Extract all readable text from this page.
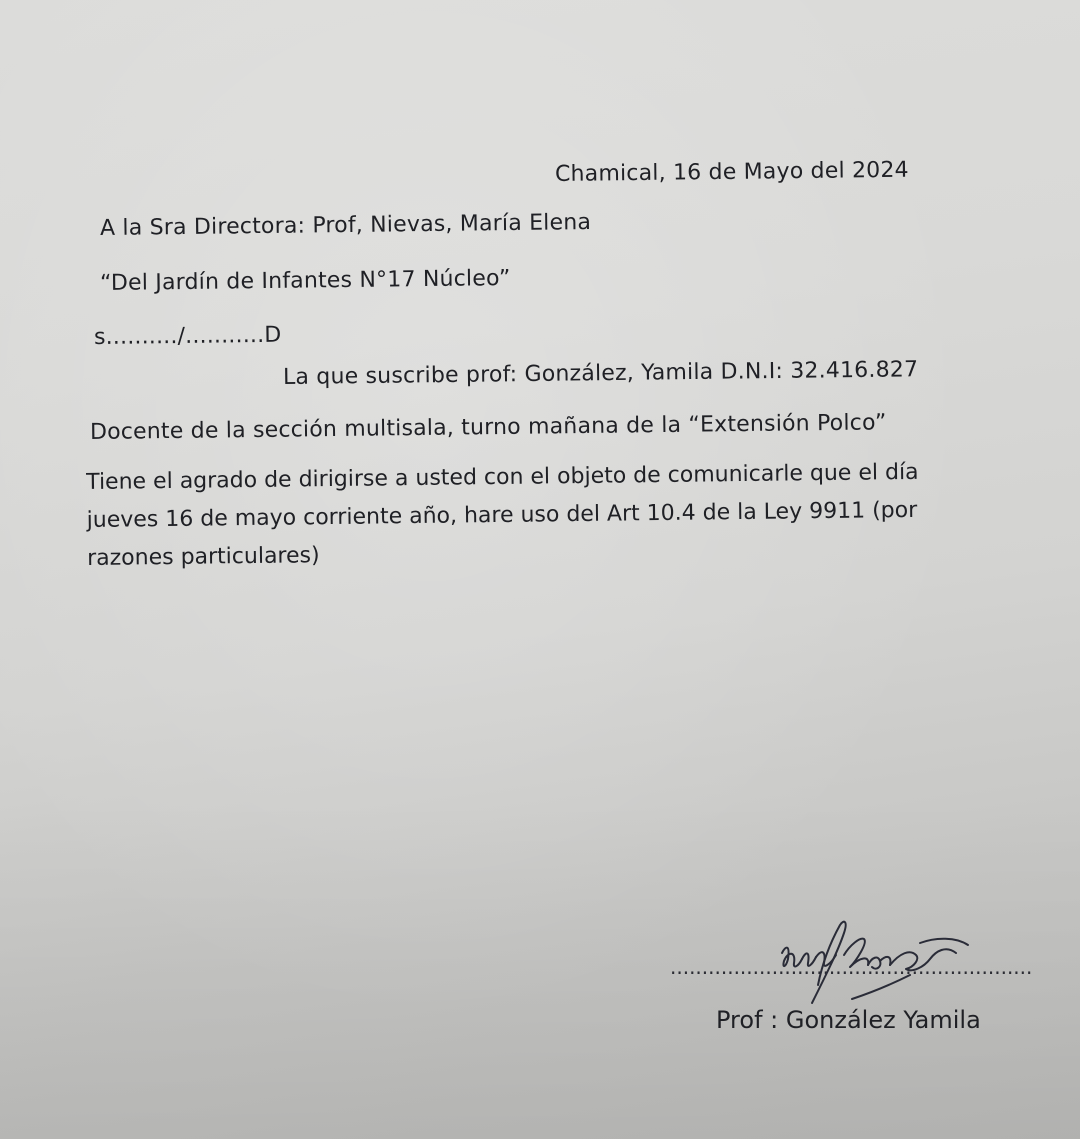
Chamical, 16 de Mayo del 2024
A la Sra Directora: Prof, Nievas, María Elena
“Del Jardín de Infantes N°17 Núcleo”
s........../...........D
La que suscribe prof: González, Yamila D.N.I: 32.416.827
Docente de la sección multisala, turno mañana de la “Extensión Polco”
Tiene el agrado de dirigirse a usted con el objeto de comunicarle que el día
jueves 16 de mayo corriente año, hare uso del Art 10.4 de la Ley 9911 (por
razones particulares)
.........................................................
Prof : González Yamila
